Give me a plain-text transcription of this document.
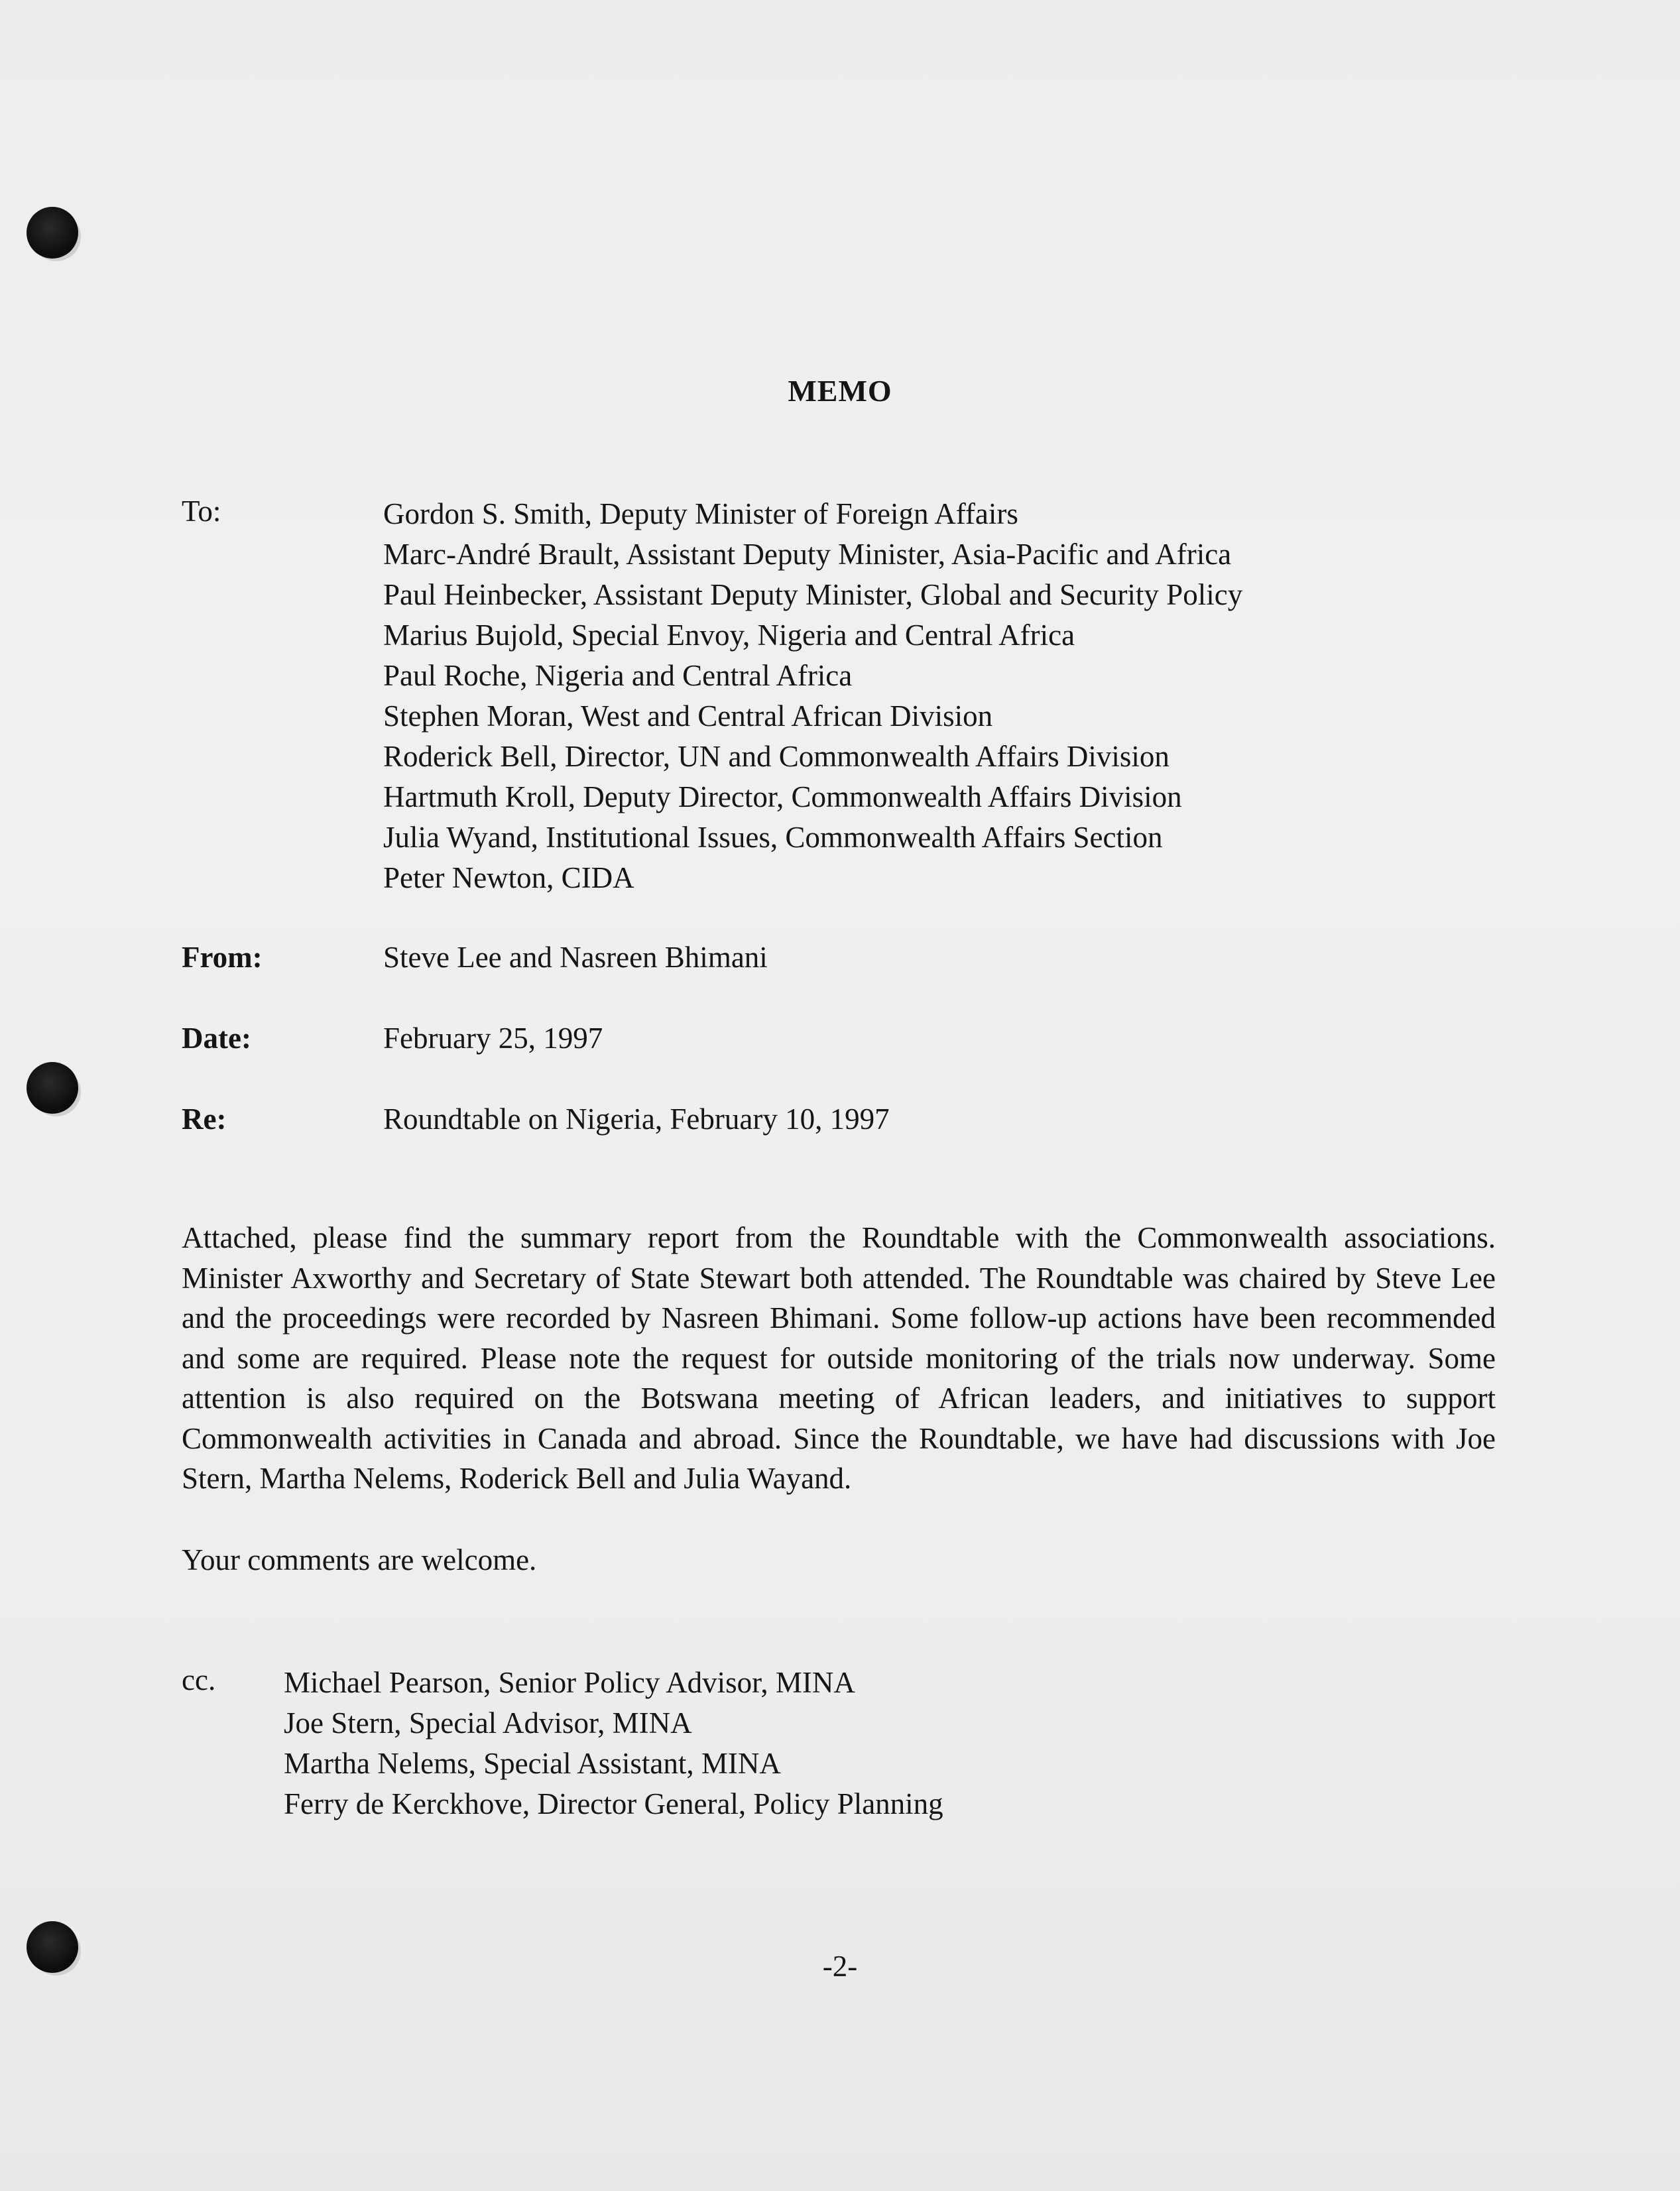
MEMO
To:	Gordon S. Smith, Deputy Minister of Foreign Affairs
Marc-André Brault, Assistant Deputy Minister, Asia-Pacific and Africa
Paul Heinbecker, Assistant Deputy Minister, Global and Security Policy
Marius Bujold, Special Envoy, Nigeria and Central Africa
Paul Roche, Nigeria and Central Africa
Stephen Moran, West and Central African Division
Roderick Bell, Director, UN and Commonwealth Affairs Division
Hartmuth Kroll, Deputy Director, Commonwealth Affairs Division
Julia Wyand, Institutional Issues, Commonwealth Affairs Section
Peter Newton, CIDA
From:	Steve Lee and Nasreen Bhimani
Date:	February 25, 1997
Re:	Roundtable on Nigeria, February 10, 1997
Attached, please find the summary report from the Roundtable with the Commonwealth associations. Minister Axworthy and Secretary of State Stewart both attended. The Roundtable was chaired by Steve Lee and the proceedings were recorded by Nasreen Bhimani. Some follow-up actions have been recommended and some are required. Please note the request for outside monitoring of the trials now underway. Some attention is also required on the Botswana meeting of African leaders, and initiatives to support Commonwealth activities in Canada and abroad. Since the Roundtable, we have had discussions with Joe Stern, Martha Nelems, Roderick Bell and Julia Wayand.
Your comments are welcome.
cc. Michael Pearson, Senior Policy Advisor, MINA
Joe Stern, Special Advisor, MINA
Martha Nelems, Special Assistant, MINA
Ferry de Kerckhove, Director General, Policy Planning
-2-
